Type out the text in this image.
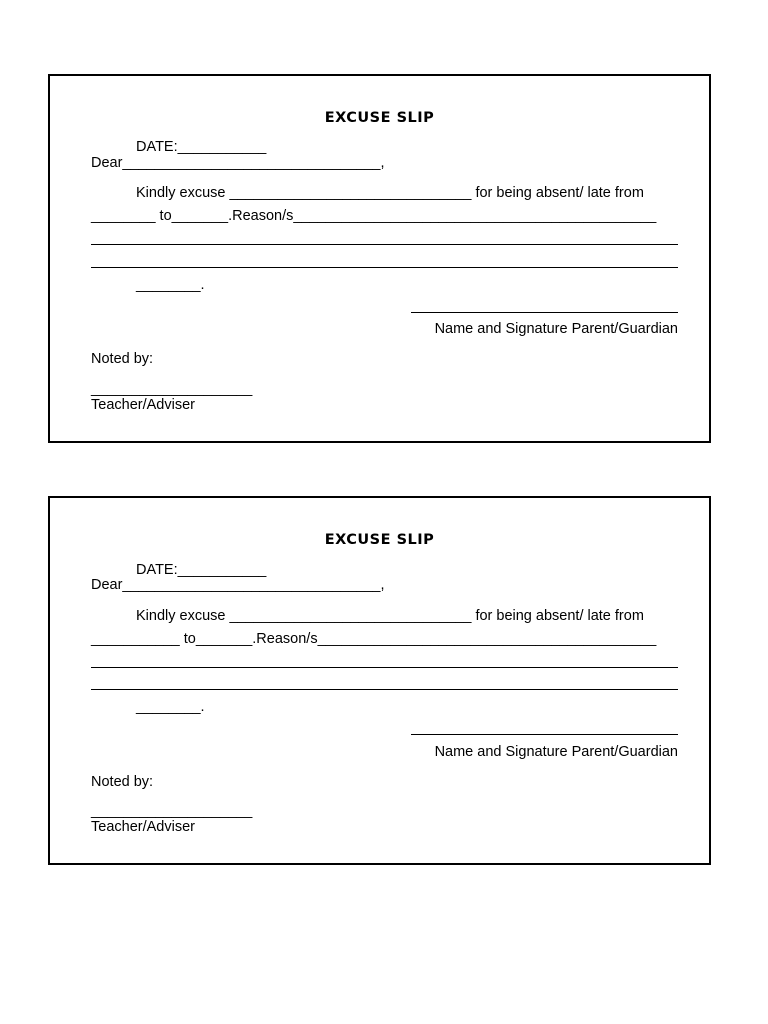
EXCUSE SLIP
DATE:___________
Dear________________________________,
Kindly excuse ______________________________ for being absent/ late from
________ to_______.Reason/s_____________________________________________
________.
Name and Signature Parent/Guardian
Noted by:
____________________
Teacher/Adviser
EXCUSE SLIP
DATE:___________
Dear________________________________,
Kindly excuse ______________________________ for being absent/ late from
___________ to_______.Reason/s__________________________________________
________.
Name and Signature Parent/Guardian
Noted by:
____________________
Teacher/Adviser
